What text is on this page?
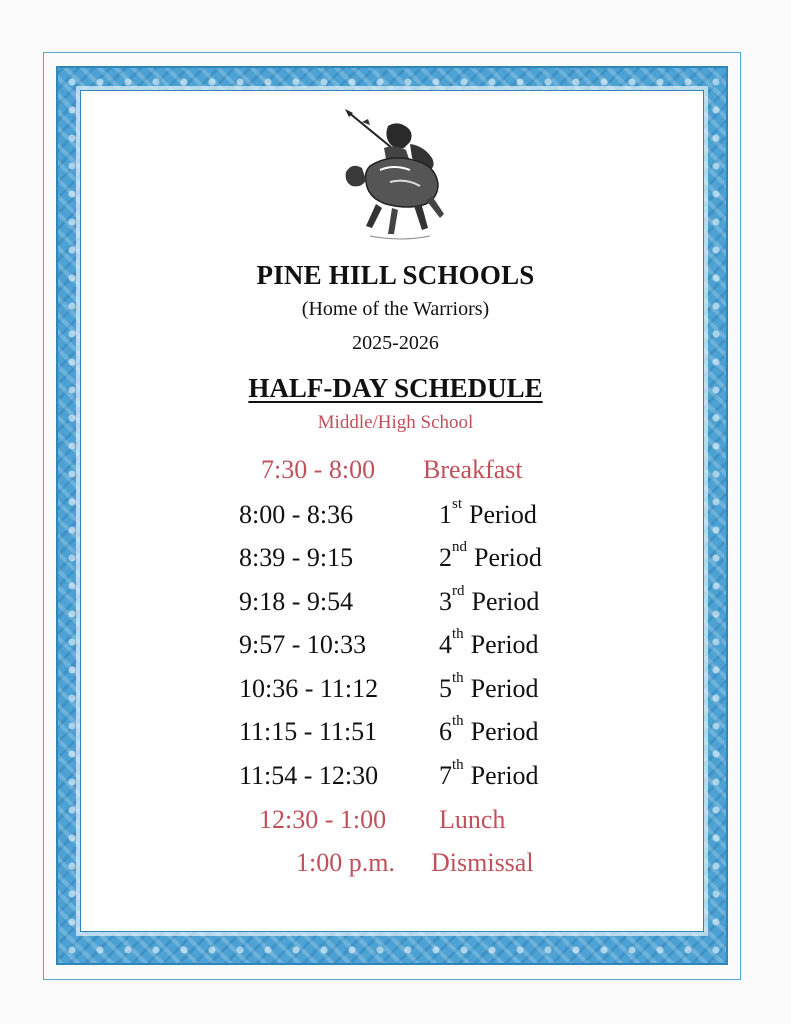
PINE HILL SCHOOLS
(Home of the Warriors)
2025-2026
HALF-DAY SCHEDULE
Middle/High School
7:30 - 8:00 Breakfast
8:00 - 8:36	1st Period
8:39 - 9:15	2nd Period
9:18 - 9:54	3rd Period
9:57 - 10:33	4th Period
10:36 - 11:12 5th Period
11:15 - 11:51 6th Period
11:54 - 12:30 7th Period
12:30 - 1:00 Lunch
1:00 p.m. Dismissal
